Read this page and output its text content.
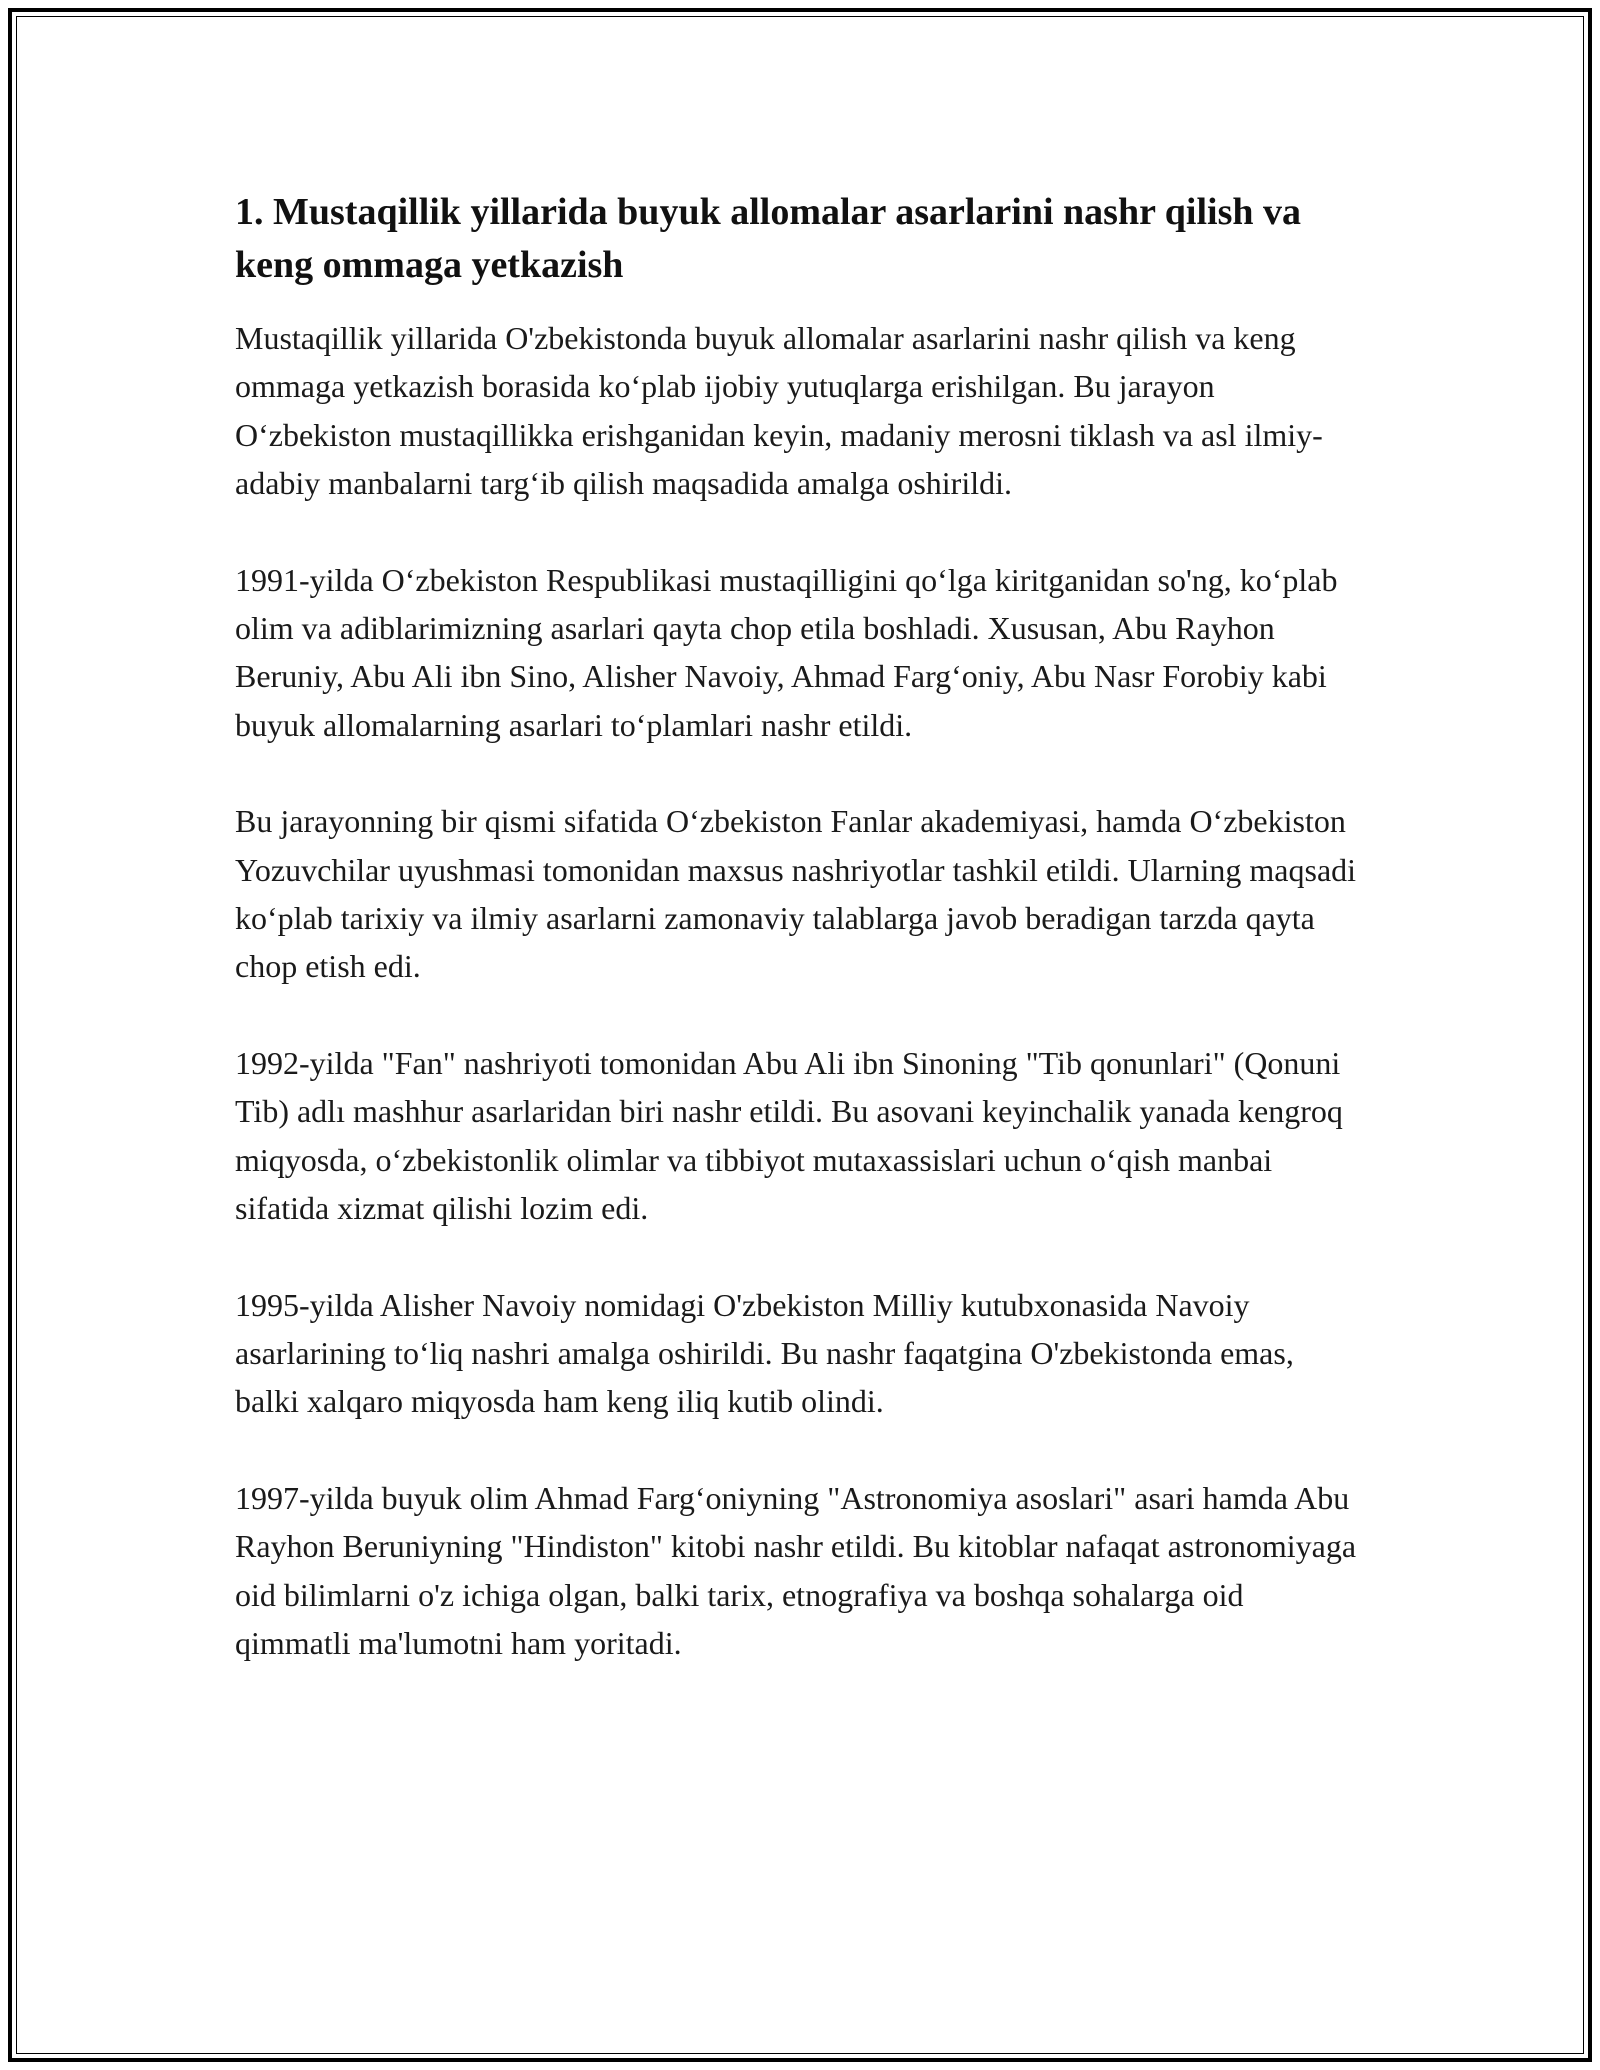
1. Mustaqillik yillarida buyuk allomalar asarlarini nashr qilish va keng ommaga yetkazish

Mustaqillik yillarida O'zbekistonda buyuk allomalar asarlarini nashr qilish va keng ommaga yetkazish borasida ko‘plab ijobiy yutuqlarga erishilgan. Bu jarayon O‘zbekiston mustaqillikka erishganidan keyin, madaniy merosni tiklash va asl ilmiy-adabiy manbalarni targ‘ib qilish maqsadida amalga oshirildi.

1991-yilda O‘zbekiston Respublikasi mustaqilligini qo‘lga kiritganidan so'ng, ko‘plab olim va adiblarimizning asarlari qayta chop etila boshladi. Xususan, Abu Rayhon Beruniy, Abu Ali ibn Sino, Alisher Navoiy, Ahmad Farg‘oniy, Abu Nasr Forobiy kabi buyuk allomalarning asarlari to‘plamlari nashr etildi.

Bu jarayonning bir qismi sifatida O‘zbekiston Fanlar akademiyasi, hamda O‘zbekiston Yozuvchilar uyushmasi tomonidan maxsus nashriyotlar tashkil etildi. Ularning maqsadi ko‘plab tarixiy va ilmiy asarlarni zamonaviy talablarga javob beradigan tarzda qayta chop etish edi.

1992-yilda "Fan" nashriyoti tomonidan Abu Ali ibn Sinoning "Tib qonunlari" (Qonuni Tib) adlı mashhur asarlaridan biri nashr etildi. Bu asovani keyinchalik yanada kengroq miqyosda, o‘zbekistonlik olimlar va tibbiyot mutaxassislari uchun o‘qish manbai sifatida xizmat qilishi lozim edi.

1995-yilda Alisher Navoiy nomidagi O'zbekiston Milliy kutubxonasida Navoiy asarlarining to‘liq nashri amalga oshirildi. Bu nashr faqatgina O'zbekistonda emas, balki xalqaro miqyosda ham keng iliq kutib olindi.

1997-yilda buyuk olim Ahmad Farg‘oniyning "Astronomiya asoslari" asari hamda Abu Rayhon Beruniyning "Hindiston" kitobi nashr etildi. Bu kitoblar nafaqat astronomiyaga oid bilimlarni o'z ichiga olgan, balki tarix, etnografiya va boshqa sohalarga oid qimmatli ma'lumotni ham yoritadi.
